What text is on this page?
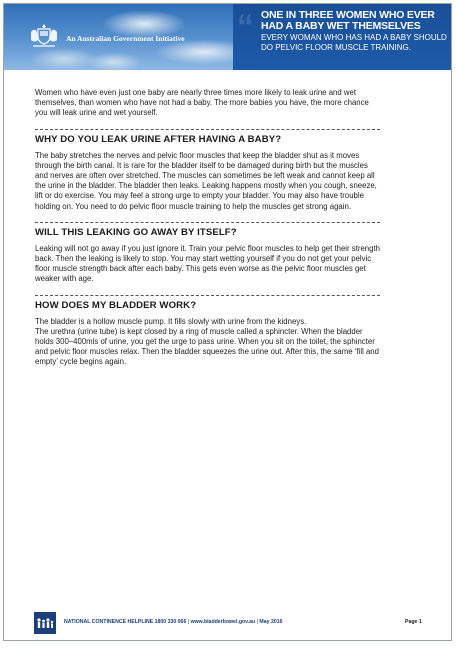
An Australian Government Initiative “ ONE IN THREE WOMEN WHO EVER HAD A BABY WET THEMSELVES
EVERY WOMAN WHO HAS HAD A BABY SHOULD DO PELVIC FLOOR MUSCLE TRAINING.

Women who have even just one baby are nearly three times more likely to leak urine and wet themselves, than women who have not had a baby. The more babies you have, the more chance you will leak urine and wet yourself.

WHY DO YOU LEAK URINE AFTER HAVING A BABY?

The baby stretches the nerves and pelvic floor muscles that keep the bladder shut as it moves through the birth canal. It is rare for the bladder itself to be damaged during birth but the muscles and nerves are often over stretched. The muscles can sometimes be left weak and cannot keep all the urine in the bladder. The bladder then leaks. Leaking happens mostly when you cough, sneeze, lift or do exercise. You may feel a strong urge to empty your bladder. You may also have trouble holding on. You need to do pelvic floor muscle training to help the muscles get strong again.

WILL THIS LEAKING GO AWAY BY ITSELF?

Leaking will not go away if you just ignore it. Train your pelvic floor muscles to help get their strength back. Then the leaking is likely to stop. You may start wetting yourself if you do not get your pelvic floor muscle strength back after each baby. This gets even worse as the pelvic floor muscles get weaker with age.

HOW DOES MY BLADDER WORK?

The bladder is a hollow muscle pump. It fills slowly with urine from the kidneys.

The urethra (urine tube) is kept closed by a ring of muscle called a sphincter. When the bladder holds 300–400mls of urine, you get the urge to pass urine. When you sit on the toilet, the sphincter and pelvic floor muscles relax. Then the bladder squeezes the urine out. After this, the same ‘fill and empty’ cycle begins again.

NATIONAL CONTINENCE HELPLINE 1800 330 066 | www.bladderbowel.gov.au | May 2016	Page 1
